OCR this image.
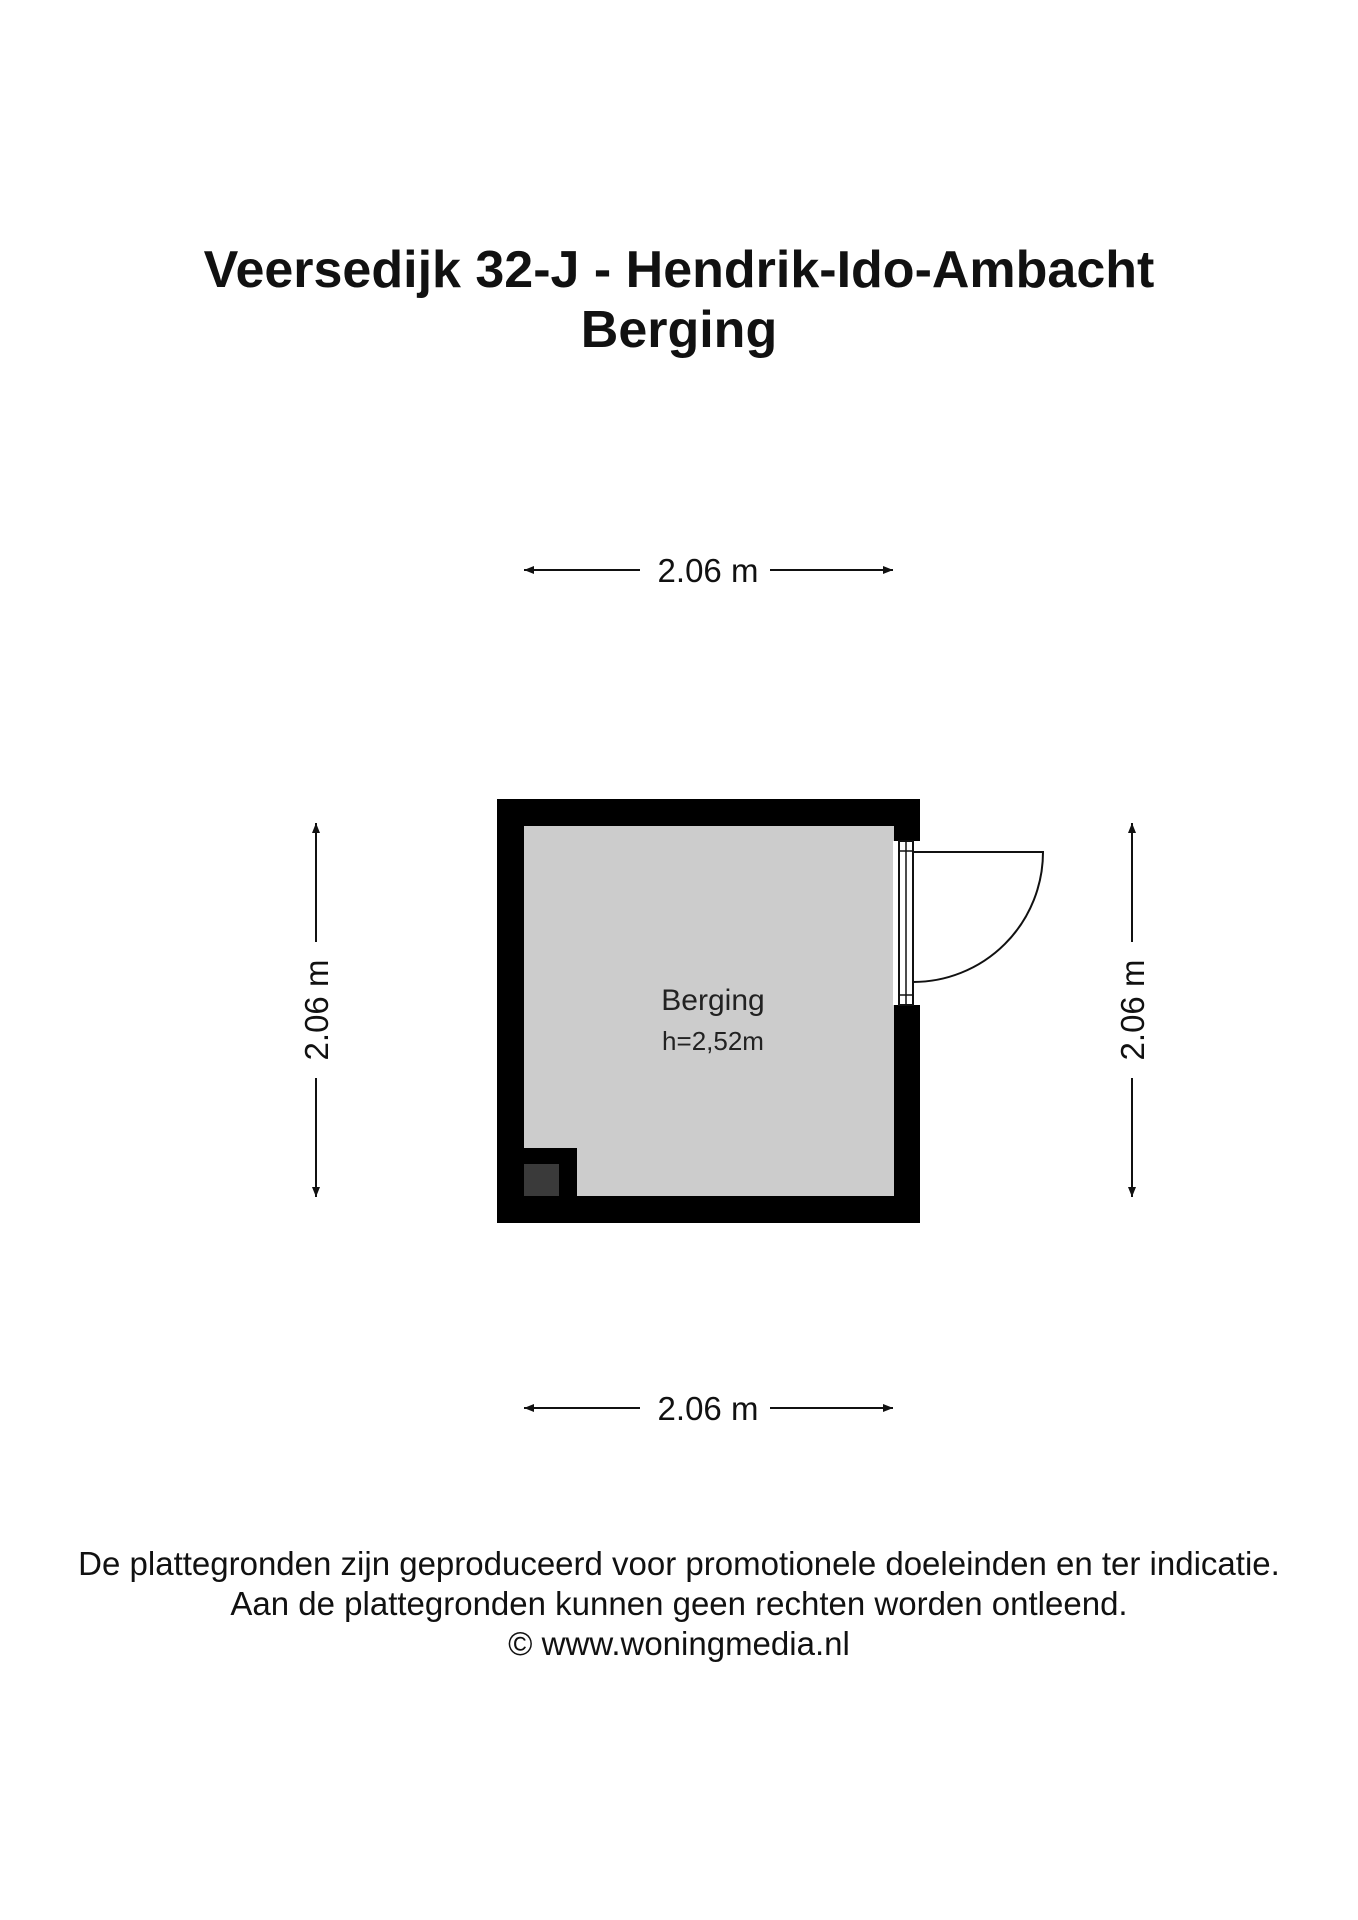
Veersedijk 32-J - Hendrik-Ido-Ambacht
Berging
2.06 m
2.06 m
2.06 m	2.06 m
Berging
h=2,52m
De plattegronden zijn geproduceerd voor promotionele doeleinden en ter indicatie.
Aan de plattegronden kunnen geen rechten worden ontleend.
© www.woningmedia.nl
